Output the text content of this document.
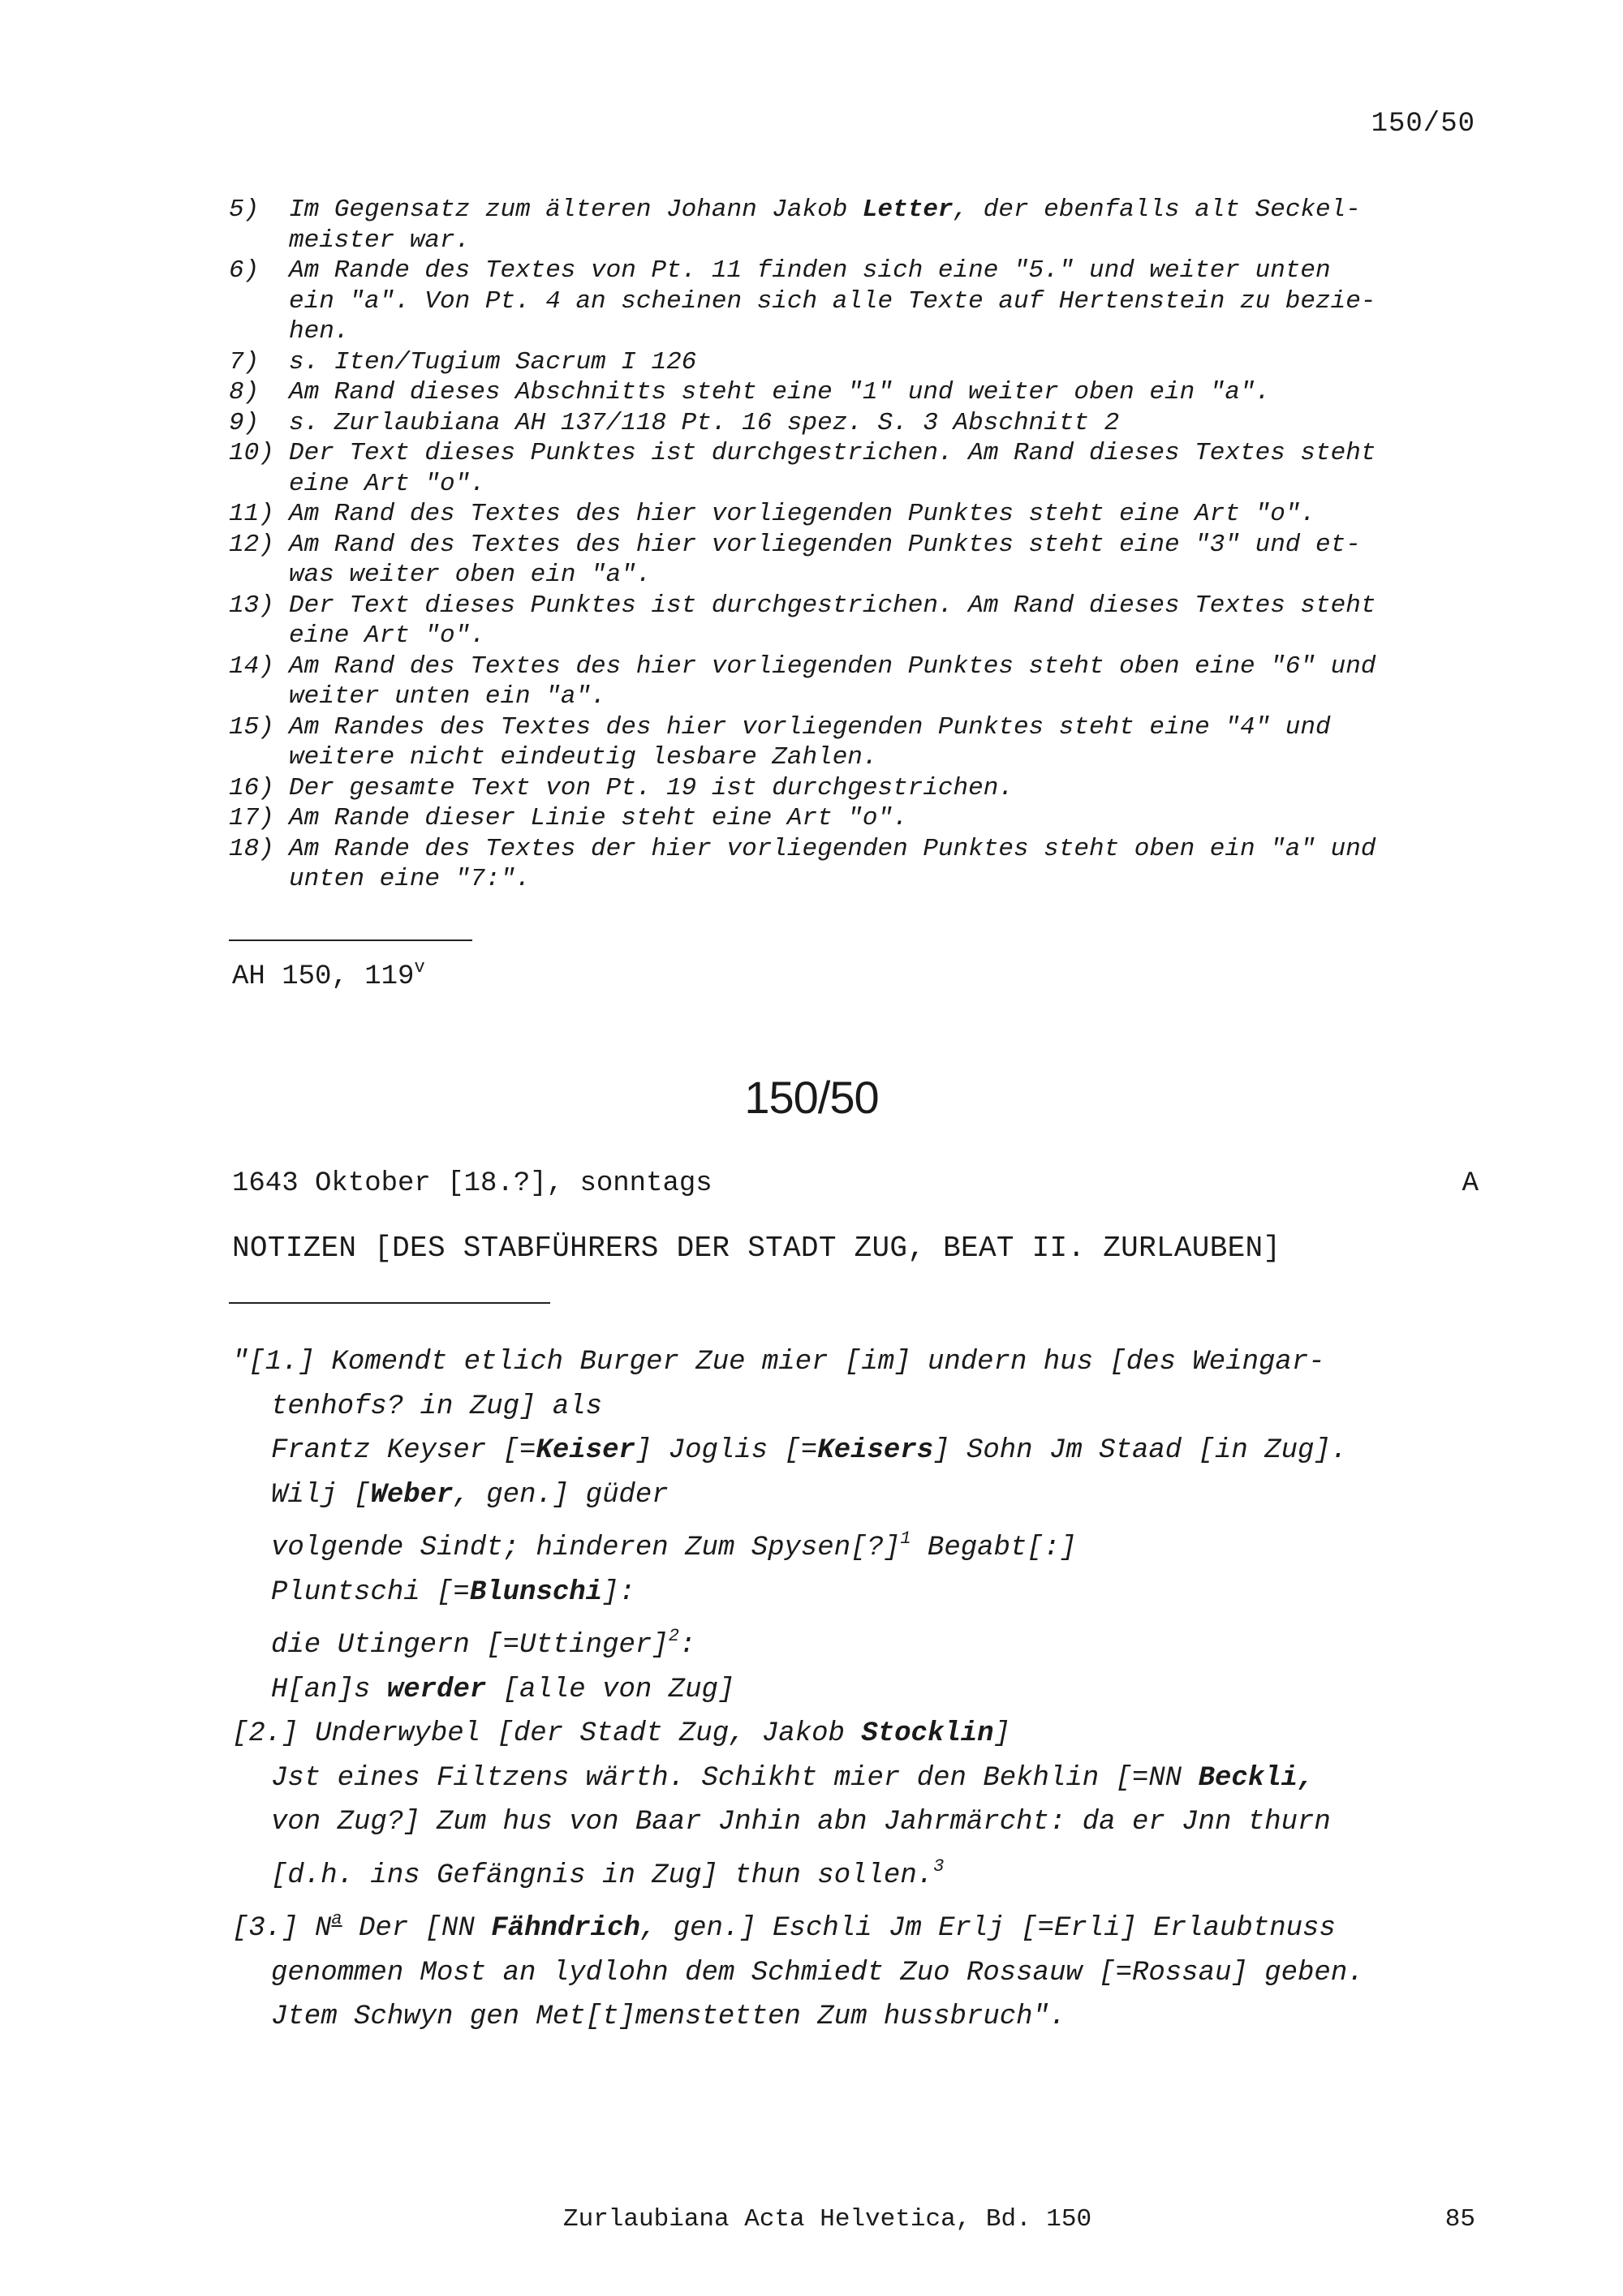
150/50
5)	Im Gegensatz zum älteren Johann Jakob Letter, der ebenfalls alt Seckel-
meister war.
6)	Am Rande des Textes von Pt. 11 finden sich eine "5." und weiter unten
ein "a". Von Pt. 4 an scheinen sich alle Texte auf Hertenstein zu bezie-
hen.
7)	s. Iten/Tugium Sacrum I 126
8)	Am Rand dieses Abschnitts steht eine "1" und weiter oben ein "a".
9)	s. Zurlaubiana AH 137/118 Pt. 16 spez. S. 3 Abschnitt 2
10) Der Text dieses Punktes ist durchgestrichen. Am Rand dieses Textes steht
eine Art "o".
11) Am Rand des Textes des hier vorliegenden Punktes steht eine Art "o".
12) Am Rand des Textes des hier vorliegenden Punktes steht eine "3" und et-
was weiter oben ein "a".
13) Der Text dieses Punktes ist durchgestrichen. Am Rand dieses Textes steht
eine Art "o".
14) Am Rand des Textes des hier vorliegenden Punktes steht oben eine "6" und
weiter unten ein "a".
15) Am Randes des Textes des hier vorliegenden Punktes steht eine "4" und
weitere nicht eindeutig lesbare Zahlen.
16) Der gesamte Text von Pt. 19 ist durchgestrichen.
17) Am Rande dieser Linie steht eine Art "o".
18) Am Rande des Textes der hier vorliegenden Punktes steht oben ein "a" und
unten eine "7:".
AH 150, 119$^v$
150/50
1643 Oktober [18.?], sonntags	A
NOTIZEN [DES STABFÜHRERS DER STADT ZUG, BEAT II. ZURLAUBEN]
"[1.] Komendt etlich Burger Zue mier [im] undern hus [des Weingar-
tenhofs? in Zug] als
Frantz Keyser [=Keiser] Joglis [=Keisers] Sohn Jm Staad [in Zug].
Wilj [Weber, gen.] güder
volgende Sindt; hinderen Zum Spysen[?]$^1$ Begabt[:]
Pluntschi [=Blunschi]:
die Utingern [=Uttinger]$^2$:
H[an]s werder [alle von Zug]
[2.] Underwybel [der Stadt Zug, Jakob Stocklin]
Jst eines Filtzens wärth. Schikht mier den Bekhlin [=NN Beckli,
von Zug?] Zum hus von Baar Jnhin abn Jahrmärcht: da er Jnn thurn
[d.h. ins Gefängnis in Zug] thun sollen.$^3$
[3.] $N^a$ Der [NN Fähndrich, gen.] Eschli Jm Erlj [=Erli] Erlaubtnuss
genommen Most an lydlohn dem Schmiedt Zuo Rossauw [=Rossau] geben.
Jtem Schwyn gen Met[t]menstetten Zum hussbruch".
Zurlaubiana Acta Helvetica, Bd. 150	85
